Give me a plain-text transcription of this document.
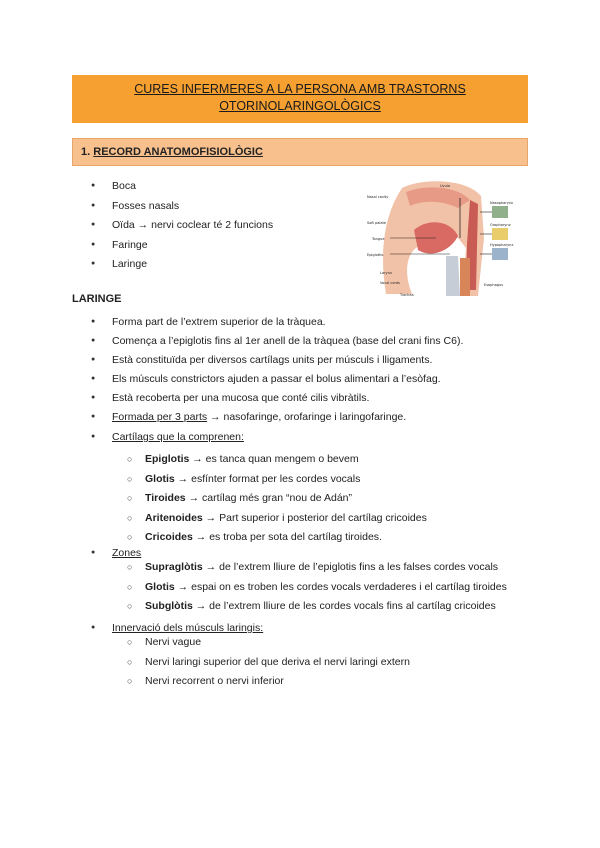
CURES INFERMERES A LA PERSONA AMB TRASTORNS
OTORINOLARINGOLÒGICS
1. RECORD ANATOMOFISIOLÒGIC
● Boca
● Fosses nasals
● Oïda → nervi coclear té 2 funcions
● Faringe
● Laringe
Nasal cavity
Soft palate
Tongue
Epiglottis
Larynx
Vocal cords
Uvula
Nasopharynx
Oropharynx
Hypopharynx
Esophagus
Trachea
LARINGE
● Forma part de l’extrem superior de la tràquea.
● Comença a l’epiglotis fins al 1er anell de la tràquea (base del crani fins C6).
● Està constituïda per diversos cartílags units per músculs i lligaments.
● Els músculs constrictors ajuden a passar el bolus alimentari a l’esòfag.
● Està recoberta per una mucosa que conté cilis vibràtils.
● Formada per 3 parts → nasofaringe, orofaringe i laringofaringe.
● Cartílags que la comprenen:
○ Epiglotis → es tanca quan mengem o bevem
○ Glotis → esfínter format per les cordes vocals
○ Tiroides → cartílag més gran “nou de Adán”
○ Aritenoides → Part superior i posterior del cartílag cricoides
○ Cricoides → es troba per sota del cartílag tiroides.
● Zones
○ Supraglòtis → de l’extrem lliure de l’epiglotis fins a les falses cordes vocals
○ Glotis → espai on es troben les cordes vocals verdaderes i el cartílag tiroides
○ Subglòtis → de l’extrem lliure de les cordes vocals fins al cartílag cricoides
● Innervació dels músculs laringis:
○ Nervi vague
○ Nervi laringi superior del que deriva el nervi laringi extern
○ Nervi recorrent o nervi inferior
